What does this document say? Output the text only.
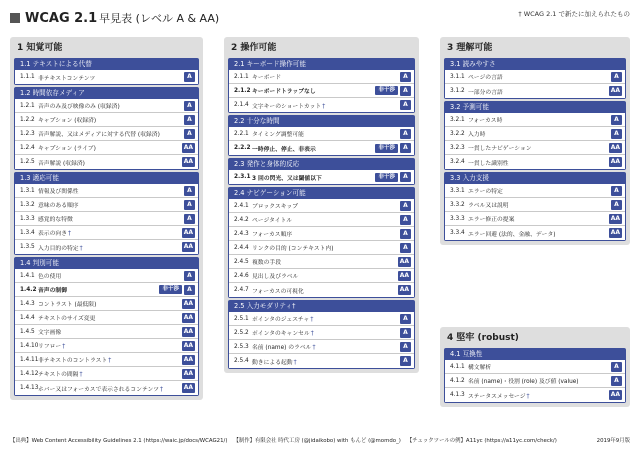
WCAG 2.1 早見表 (レベル A & AA)	† WCAG 2.1 で新たに加えられたもの
1 知覚可能
1.1 テキストによる代替
1.1.1 非テキストコンテンツ	A
1.2 時間依存メディア
1.2.1 音声のみ及び映像のみ (収録済)	A
1.2.2 キャプション (収録済)	A
1.2.3 音声解説、又はメディアに対する代替 (収録済)	A
1.2.4 キャプション (ライブ)	AA
1.2.5 音声解説 (収録済)	AA
1.3 適応可能
1.3.1 情報及び関係性	A
1.3.2 意味のある順序	A
1.3.3 感覚的な特徴	A
1.3.4 表示の向き†	AA
1.3.5 入力目的の特定†	AA
1.4 判別可能
1.4.1 色の使用	A
1.4.2 音声の制御	非干渉	A
1.4.3 コントラスト (最低限)	AA
1.4.4 テキストのサイズ変更	AA
1.4.5 文字画像	AA
1.4.10 リフロー†	AA
1.4.11 非テキストのコントラスト†	AA
1.4.12 テキストの間隔†	AA
1.4.13 ホバー又はフォーカスで表示されるコンテンツ†	AA
2 操作可能
2.1 キーボード操作可能
2.1.1 キーボード	A
2.1.2 キーボードトラップなし	非干渉	A
2.1.4 文字キーのショートカット†	A
2.2 十分な時間
2.2.1 タイミング調整可能	A
2.2.2 一時停止、停止、非表示	非干渉	A
2.3 発作と身体的反応
2.3.1 3 回の閃光、又は閾値以下	非干渉	A
2.4 ナビゲーション可能
2.4.1 ブロックスキップ	A
2.4.2 ページタイトル	A
2.4.3 フォーカス順序	A
2.4.4 リンクの目的 (コンテキスト内)	A
2.4.5 複数の手段	AA
2.4.6 見出し及びラベル	AA
2.4.7 フォーカスの可視化	AA
2.5 入力モダリティ†
2.5.1 ポインタのジェスチャ†	A
2.5.2 ポインタのキャンセル†	A
2.5.3 名前 (name) のラベル†	A
2.5.4 動きによる起動†	A
3 理解可能
3.1 読みやすさ
3.1.1 ページの言語	A
3.1.2 一部分の言語	AA
3.2 予測可能
3.2.1 フォーカス時	A
3.2.2 入力時	A
3.2.3 一貫したナビゲーション	AA
3.2.4 一貫した識別性	AA
3.3 入力支援
3.3.1 エラーの特定	A
3.3.2 ラベル又は説明	A
3.3.3 エラー修正の提案	AA
3.3.4 エラー回避 (法的、金融、データ)	AA
4 堅牢 (robust)
4.1 互換性
4.1.1 構文解析	A
4.1.2 名前 (name)・役割 (role) 及び値 (value)	A
4.1.3 ステータスメッセージ†	AA
【出典】Web Content Accessibility Guidelines 2.1 (https://waic.jp/docs/WCAG21/) 【制作】有限会社 時代工房 (@jidaikobo) with もんど (@momdo_) 【チェックツールの例】A11yc (https://a11yc.com/check/)	2019年9月版
